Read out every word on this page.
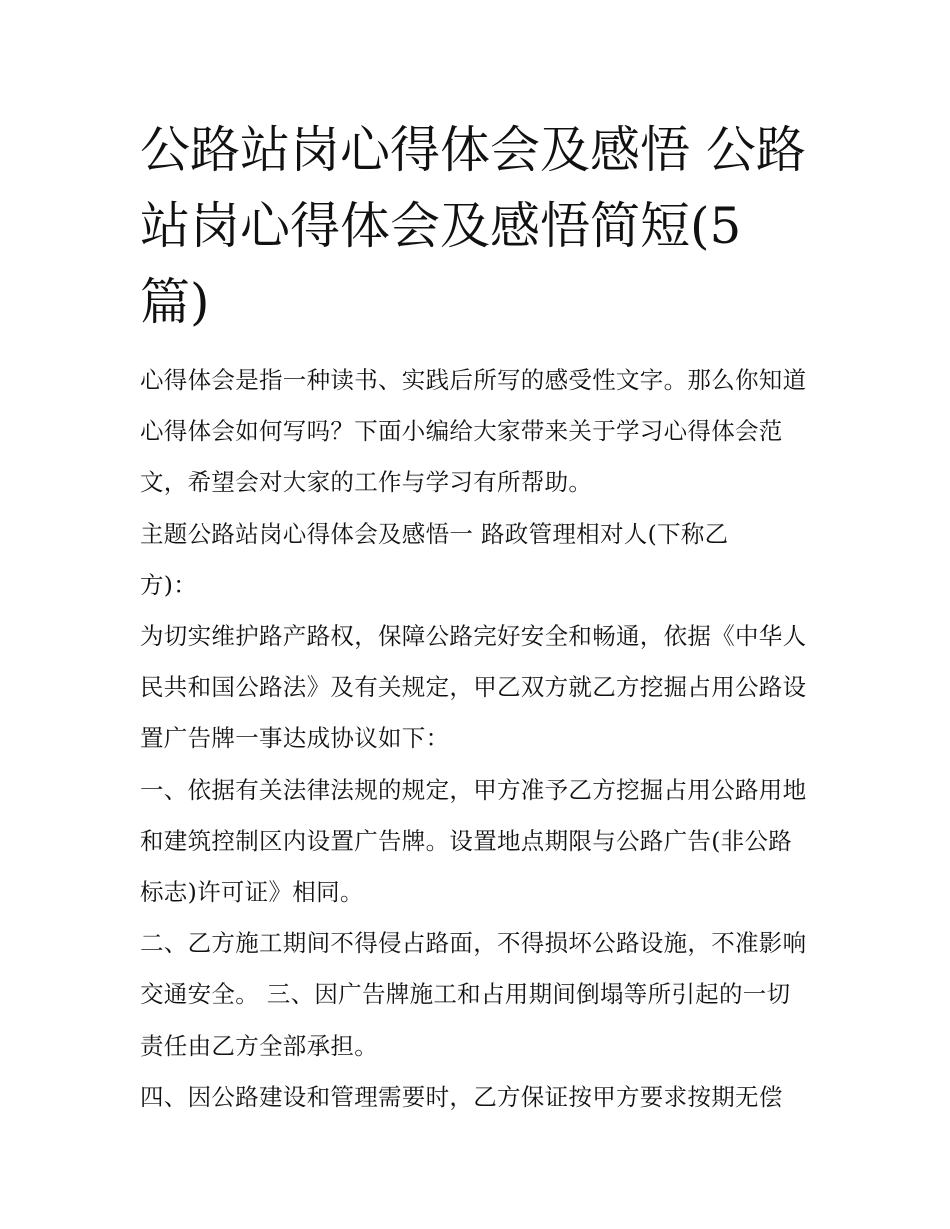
公路站岗心得体会及感悟 公路
站岗心得体会及感悟简短(5
篇)

心得体会是指一种读书、实践后所写的感受性文字。那么你知道心得体会如何写吗？下面小编给大家带来关于学习心得体会范文，希望会对大家的工作与学习有所帮助。

主题公路站岗心得体会及感悟一 路政管理相对人(下称乙

方)：

为切实维护路产路权，保障公路完好安全和畅通，依据《中华人民共和国公路法》及有关规定，甲乙双方就乙方挖掘占用公路设置广告牌一事达成协议如下：

一、依据有关法律法规的规定，甲方准予乙方挖掘占用公路用地和建筑控制区内设置广告牌。设置地点期限与公路广告(非公路标志)许可证》相同。

二、乙方施工期间不得侵占路面，不得损坏公路设施，不准影响交通安全。 三、因广告牌施工和占用期间倒塌等所引起的一切责任由乙方全部承担。

四、因公路建设和管理需要时，乙方保证按甲方要求按期无偿
